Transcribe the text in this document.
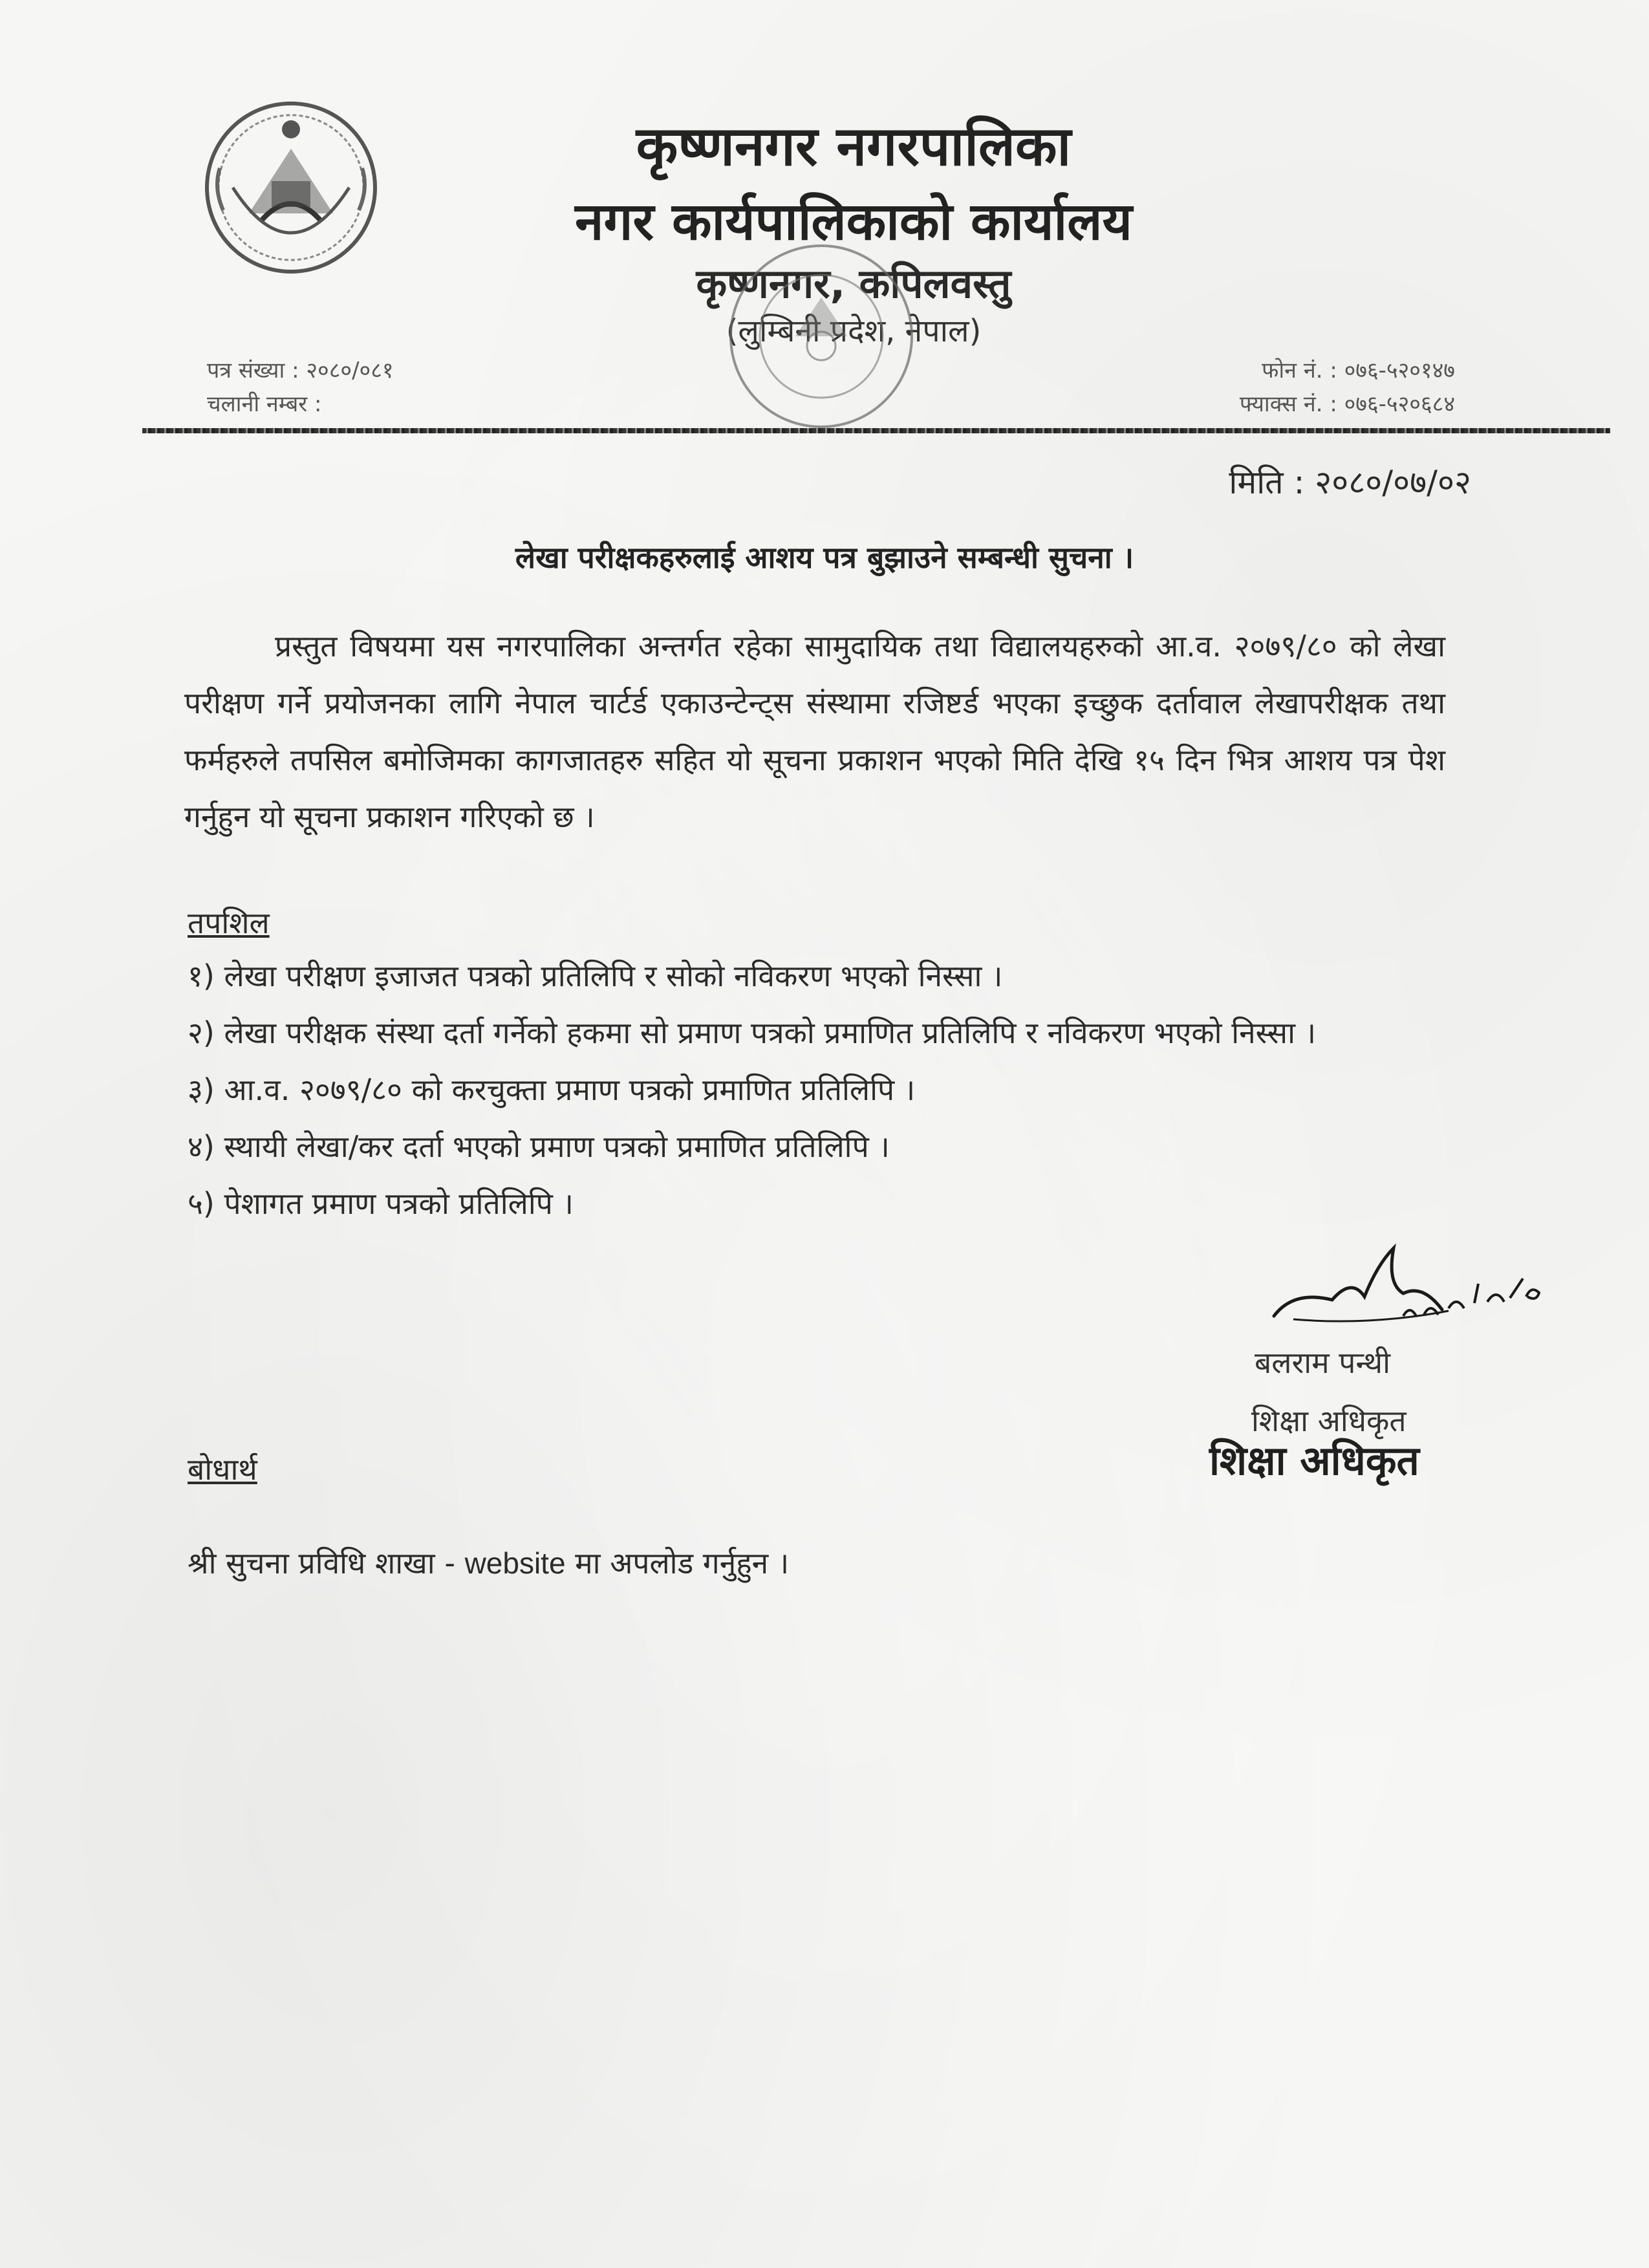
कृष्णनगर नगरपालिका
नगर कार्यपालिकाको कार्यालय
कृष्णनगर, कपिलवस्तु
(लुम्बिनी प्रदेश, नेपाल)
पत्र संख्या : २०८०/०८१
चलानी नम्बर :
फोन नं. : ०७६-५२०१४७
फ्याक्स नं. : ०७६-५२०६८४
मिति : २०८०/०७/०२
लेखा परीक्षकहरुलाई आशय पत्र बुझाउने सम्बन्धी सुचना ।
प्रस्तुत विषयमा यस नगरपालिका अन्तर्गत रहेका सामुदायिक तथा विद्यालयहरुको आ.व. २०७९/८० को लेखा परीक्षण गर्ने प्रयोजनका लागि नेपाल चार्टर्ड एकाउन्टेन्ट्स संस्थामा रजिष्टर्ड भएका इच्छुक दर्तावाल लेखापरीक्षक तथा फर्महरुले तपसिल बमोजिमका कागजातहरु सहित यो सूचना प्रकाशन भएको मिति देखि १५ दिन भित्र आशय पत्र पेश गर्नुहुन यो सूचना प्रकाशन गरिएको छ ।
तपशिल
१) लेखा परीक्षण इजाजत पत्रको प्रतिलिपि र सोको नविकरण भएको निस्सा ।
२) लेखा परीक्षक संस्था दर्ता गर्नेको हकमा सो प्रमाण पत्रको प्रमाणित प्रतिलिपि र नविकरण भएको निस्सा ।
३) आ.व. २०७९/८० को करचुक्ता प्रमाण पत्रको प्रमाणित प्रतिलिपि ।
४) स्थायी लेखा/कर दर्ता भएको प्रमाण पत्रको प्रमाणित प्रतिलिपि ।
५) पेशागत प्रमाण पत्रको प्रतिलिपि ।
बलराम पन्थी
शिक्षा अधिकृत
शिक्षा अधिकृत
बोधार्थ
श्री सुचना प्रविधि शाखा - website मा अपलोड गर्नुहुन ।
